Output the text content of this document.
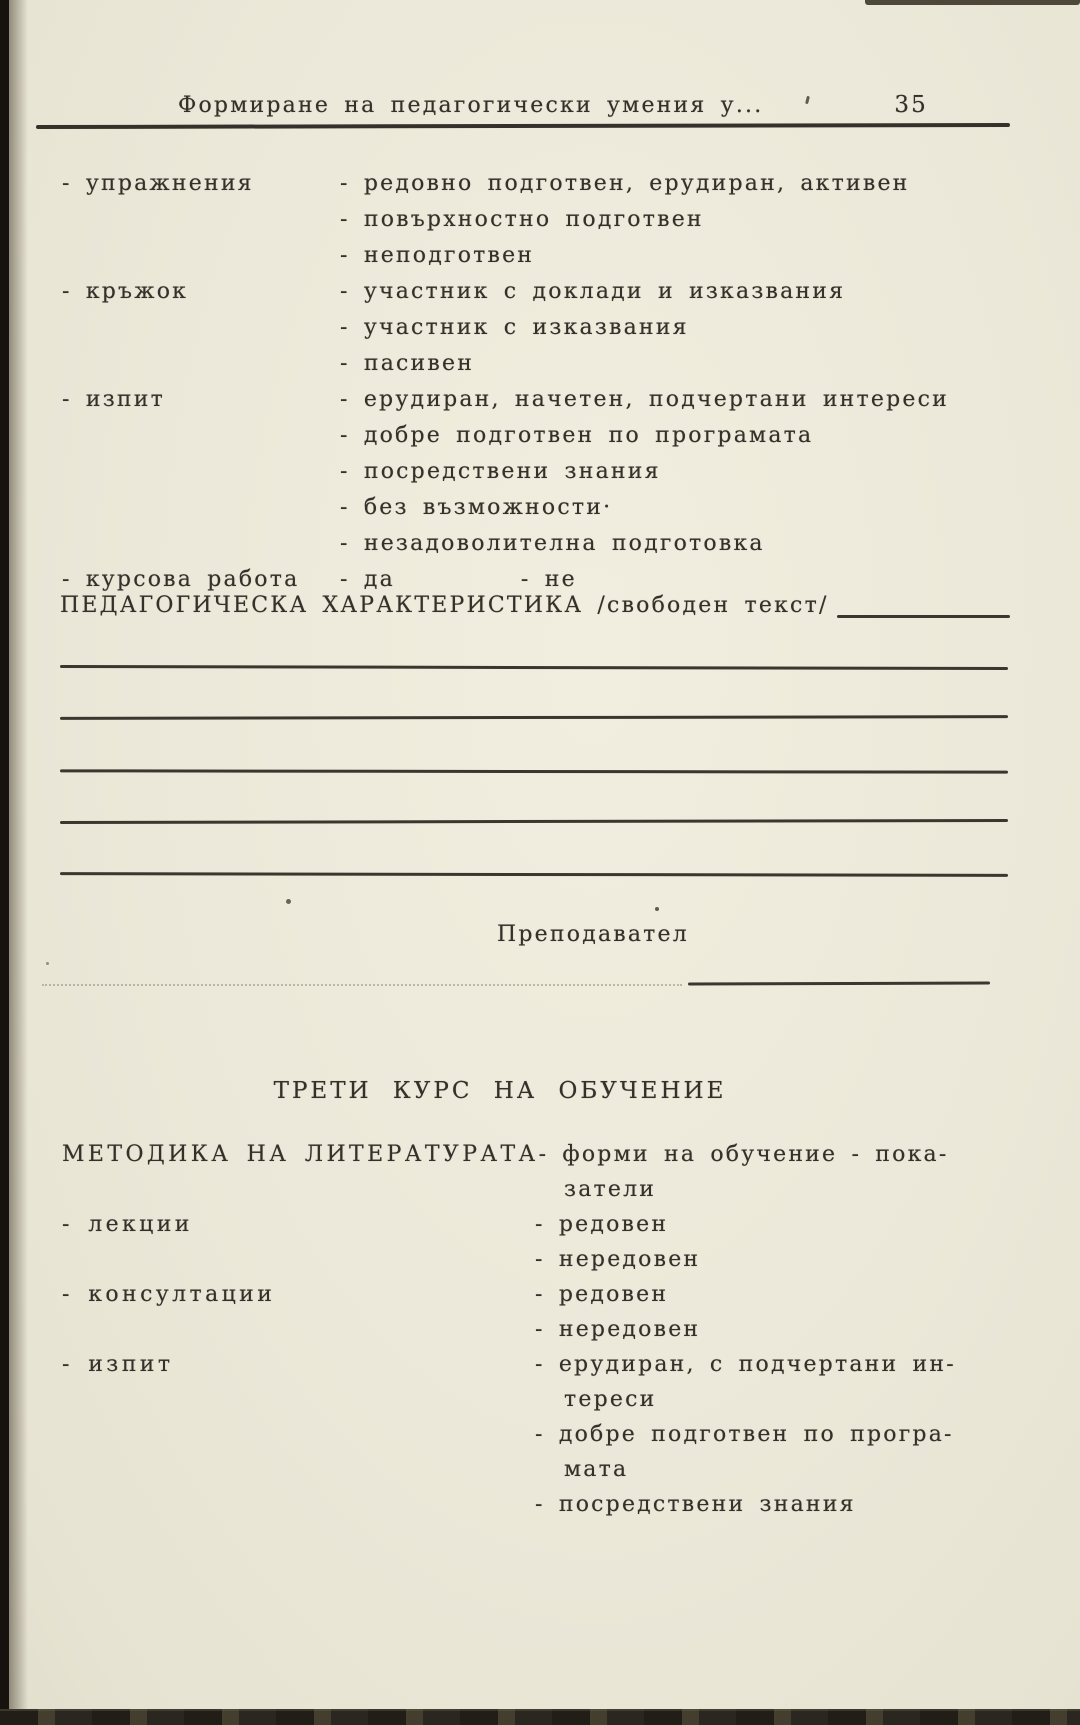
Формиране на педагогически умения у...	35
- упражнения	- редовно подготвен, ерудиран, активен
- повърхностно подготвен
- неподготвен
- кръжок	- участник с доклади и изказвания
- участник с изказвания
- пасивен
- изпит	- ерудиран, начетен, подчертани интереси
- добре подготвен по програмата
- посредствени знания
- без възможности·
- незадоволителна подготовка
- курсова работа	- да	- не
ПЕДАГОГИЧЕСКА ХАРАКТЕРИСТИКА /свободен текст/
Преподавател
ТРЕТИ КУРС НА ОБУЧЕНИЕ
МЕТОДИКА НА ЛИТЕРАТУРАТА - форми на обучение - пока-
затели
- лекции	- редовен
- нередовен
- консултации	- редовен
- нередовен
- изпит	- ерудиран, с подчертани ин-
тереси
- добре подготвен по програ-
мата
- посредствени знания
